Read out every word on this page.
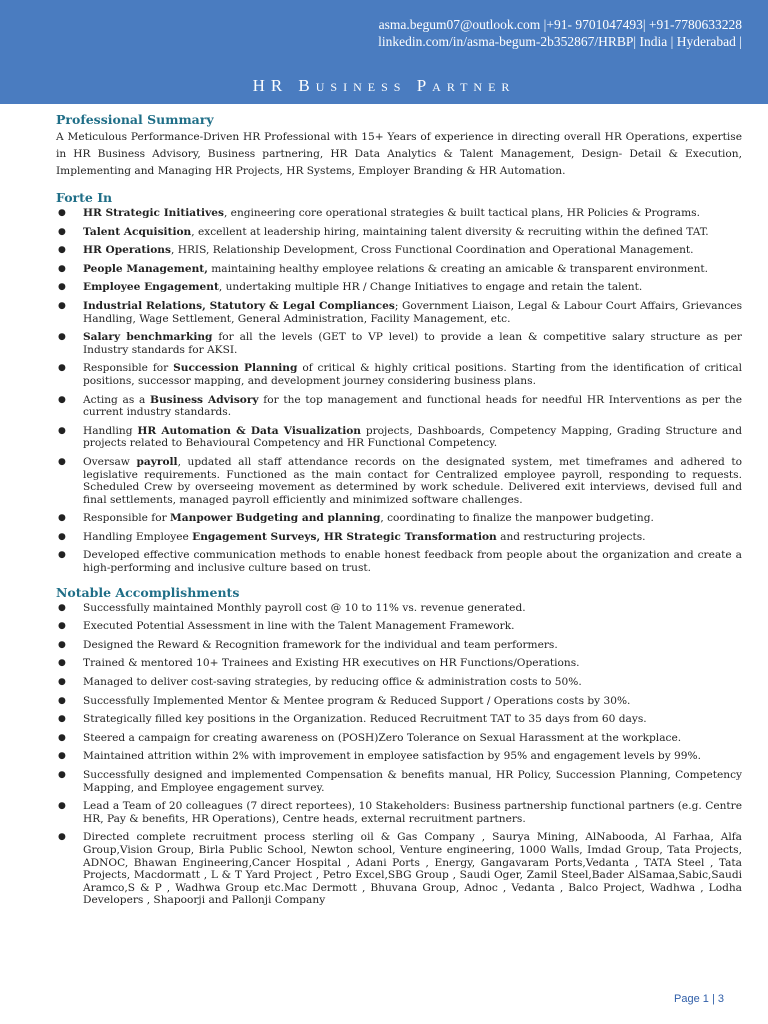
asma.begum07@outlook.com |+91- 9701047493| +91-7780633228
linkedin.com/in/asma-begum-2b352867/HRBP| India | Hyderabad |
HR Business Partner
Professional Summary
A Meticulous Performance-Driven HR Professional with 15+ Years of experience in directing overall HR Operations, expertise in HR Business Advisory, Business partnering, HR Data Analytics & Talent Management, Design- Detail & Execution, Implementing and Managing HR Projects, HR Systems, Employer Branding & HR Automation.
Forte In
● HR Strategic Initiatives, engineering core operational strategies & built tactical plans, HR Policies & Programs.
● Talent Acquisition, excellent at leadership hiring, maintaining talent diversity & recruiting within the defined TAT.
● HR Operations, HRIS, Relationship Development, Cross Functional Coordination and Operational Management.
● People Management, maintaining healthy employee relations & creating an amicable & transparent environment.
● Employee Engagement, undertaking multiple HR / Change Initiatives to engage and retain the talent.
● Industrial Relations, Statutory & Legal Compliances; Government Liaison, Legal & Labour Court Affairs, Grievances Handling, Wage Settlement, General Administration, Facility Management, etc.
● Salary benchmarking for all the levels (GET to VP level) to provide a lean & competitive salary structure as per Industry standards for AKSI.
● Responsible for Succession Planning of critical & highly critical positions. Starting from the identification of critical positions, successor mapping, and development journey considering business plans.
● Acting as a Business Advisory for the top management and functional heads for needful HR Interventions as per the current industry standards.
● Handling HR Automation & Data Visualization projects, Dashboards, Competency Mapping, Grading Structure and projects related to Behavioural Competency and HR Functional Competency.
● Oversaw payroll, updated all staff attendance records on the designated system, met timeframes and adhered to legislative requirements. Functioned as the main contact for Centralized employee payroll, responding to requests. Scheduled Crew by overseeing movement as determined by work schedule. Delivered exit interviews, devised full and final settlements, managed payroll efficiently and minimized software challenges.
● Responsible for Manpower Budgeting and planning, coordinating to finalize the manpower budgeting.
● Handling Employee Engagement Surveys, HR Strategic Transformation and restructuring projects.
● Developed effective communication methods to enable honest feedback from people about the organization and create a high-performing and inclusive culture based on trust.
Notable Accomplishments
● Successfully maintained Monthly payroll cost @ 10 to 11% vs. revenue generated.
● Executed Potential Assessment in line with the Talent Management Framework.
● Designed the Reward & Recognition framework for the individual and team performers.
● Trained & mentored 10+ Trainees and Existing HR executives on HR Functions/Operations.
● Managed to deliver cost-saving strategies, by reducing office & administration costs to 50%.
● Successfully Implemented Mentor & Mentee program & Reduced Support / Operations costs by 30%.
● Strategically filled key positions in the Organization. Reduced Recruitment TAT to 35 days from 60 days.
● Steered a campaign for creating awareness on (POSH)Zero Tolerance on Sexual Harassment at the workplace.
● Maintained attrition within 2% with improvement in employee satisfaction by 95% and engagement levels by 99%.
● Successfully designed and implemented Compensation & benefits manual, HR Policy, Succession Planning, Competency Mapping, and Employee engagement survey.
● Lead a Team of 20 colleagues (7 direct reportees), 10 Stakeholders: Business partnership functional partners (e.g. Centre HR, Pay & benefits, HR Operations), Centre heads, external recruitment partners.
● Directed complete recruitment process sterling oil & Gas Company , Saurya Mining, AlNabooda, Al Farhaa, Alfa Group,Vision Group, Birla Public School, Newton school, Venture engineering, 1000 Walls, Imdad Group, Tata Projects, ADNOC, Bhawan Engineering,Cancer Hospital , Adani Ports , Energy, Gangavaram Ports,Vedanta , TATA Steel , Tata Projects, Macdormatt , L & T Yard Project , Petro Excel,SBG Group , Saudi Oger, Zamil Steel,Bader AlSamaa,Sabic,Saudi Aramco,S & P , Wadhwa Group etc.Mac Dermott , Bhuvana Group, Adnoc , Vedanta , Balco Project, Wadhwa , Lodha Developers , Shapoorji and Pallonji Company
Page 1 | 3
